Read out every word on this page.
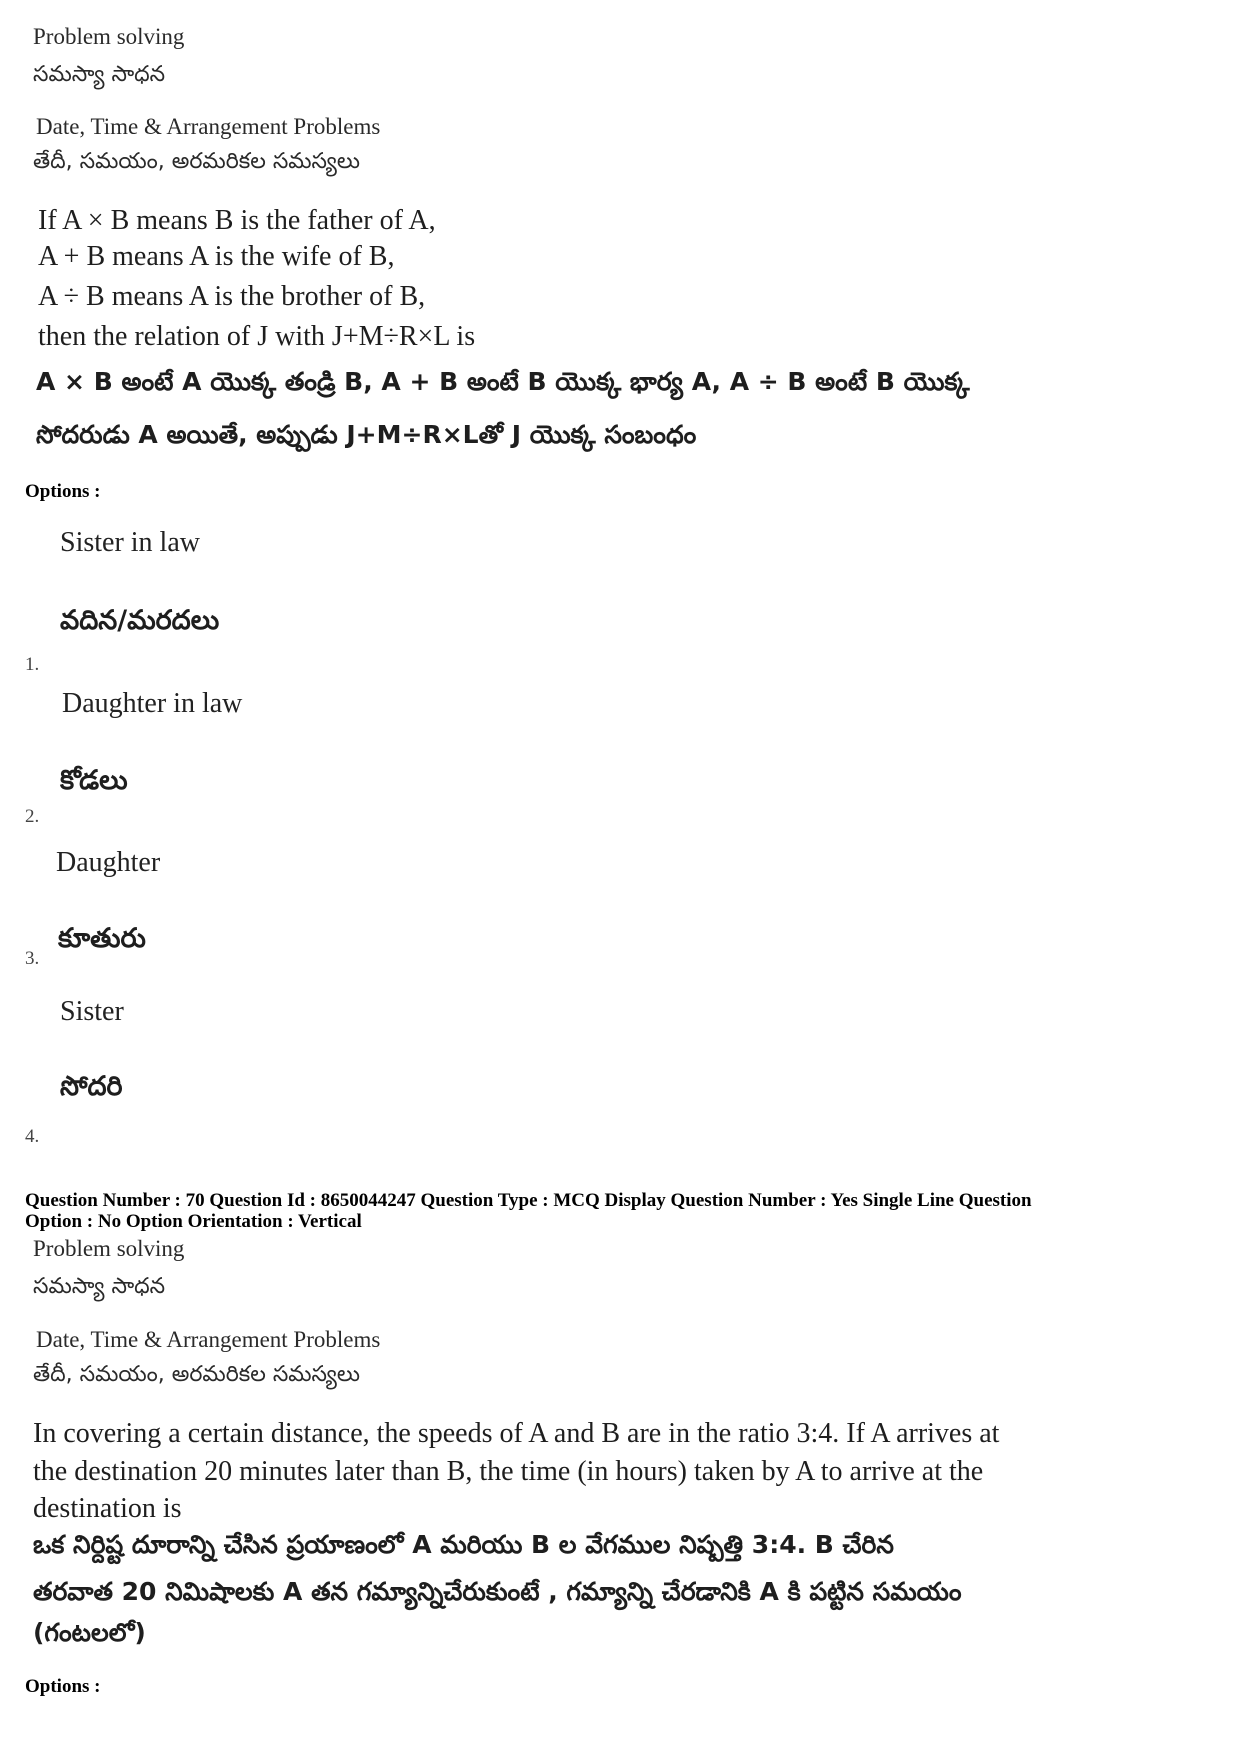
Problem solving
సమస్యా సాధన
Date, Time & Arrangement Problems
తేదీ, సమయం, అరమరికల సమస్యలు
If A × B means B is the father of A,
A + B means A is the wife of B,
A ÷ B means A is the brother of B,
then the relation of J with J+M÷R×L is
A × B అంటే A యొక్క తండ్రి B, A + B అంటే B యొక్క భార్య A, A ÷ B అంటే B యొక్క
సోదరుడు A అయితే, అప్పుడు J+M÷R×Lతో J యొక్క సంబంధం
Options :
Sister in law
వదిన/మరదలు
1.
Daughter in law
కోడలు
2.
Daughter
కూతురు
3.
Sister
సోదరి
4.
Question Number : 70 Question Id : 8650044247 Question Type : MCQ Display Question Number : Yes Single Line Question
Option : No Option Orientation : Vertical
Problem solving
సమస్యా సాధన
Date, Time & Arrangement Problems
తేదీ, సమయం, అరమరికల సమస్యలు
In covering a certain distance, the speeds of A and B are in the ratio 3:4. If A arrives at
the destination 20 minutes later than B, the time (in hours) taken by A to arrive at the
destination is
ఒక నిర్దిష్ట దూరాన్ని చేసిన ప్రయాణంలో A మరియు B ల వేగముల నిష్పత్తి 3:4. B చేరిన
తరవాత 20 నిమిషాలకు A తన గమ్యాన్నిచేరుకుంటే , గమ్యాన్ని చేరడానికి A కి పట్టిన సమయం
(గంటలలో)
Options :
